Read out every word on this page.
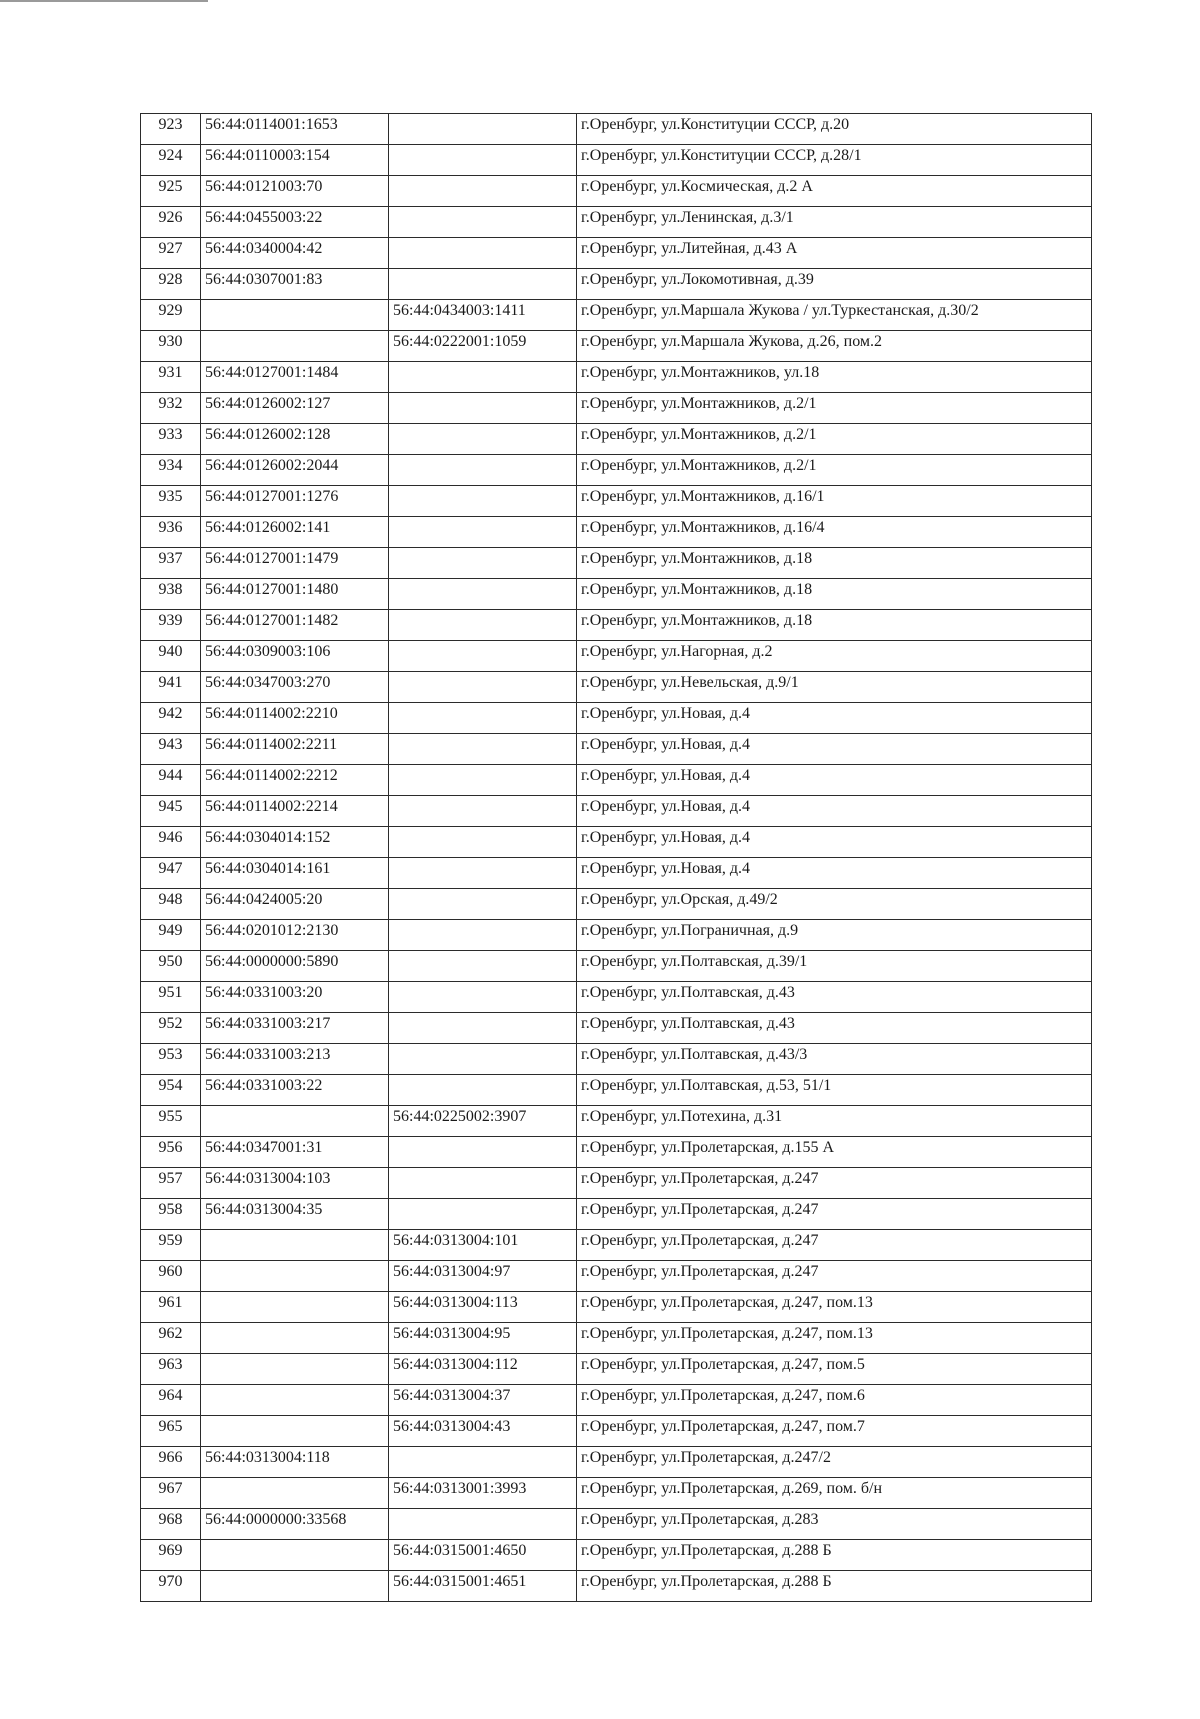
923	56:44:0114001:1653		г.Оренбург, ул.Конституции СССР, д.20
924	56:44:0110003:154		г.Оренбург, ул.Конституции СССР, д.28/1
925	56:44:0121003:70		г.Оренбург, ул.Космическая, д.2 А
926	56:44:0455003:22		г.Оренбург, ул.Ленинская, д.3/1
927	56:44:0340004:42		г.Оренбург, ул.Литейная, д.43 А
928	56:44:0307001:83		г.Оренбург, ул.Локомотивная, д.39
929		56:44:0434003:1411	г.Оренбург, ул.Маршала Жукова / ул.Туркестанская, д.30/2
930		56:44:0222001:1059	г.Оренбург, ул.Маршала Жукова, д.26, пом.2
931	56:44:0127001:1484		г.Оренбург, ул.Монтажников, ул.18
932	56:44:0126002:127		г.Оренбург, ул.Монтажников, д.2/1
933	56:44:0126002:128		г.Оренбург, ул.Монтажников, д.2/1
934	56:44:0126002:2044		г.Оренбург, ул.Монтажников, д.2/1
935	56:44:0127001:1276		г.Оренбург, ул.Монтажников, д.16/1
936	56:44:0126002:141		г.Оренбург, ул.Монтажников, д.16/4
937	56:44:0127001:1479		г.Оренбург, ул.Монтажников, д.18
938	56:44:0127001:1480		г.Оренбург, ул.Монтажников, д.18
939	56:44:0127001:1482		г.Оренбург, ул.Монтажников, д.18
940	56:44:0309003:106		г.Оренбург, ул.Нагорная, д.2
941	56:44:0347003:270		г.Оренбург, ул.Невельская, д.9/1
942	56:44:0114002:2210		г.Оренбург, ул.Новая, д.4
943	56:44:0114002:2211		г.Оренбург, ул.Новая, д.4
944	56:44:0114002:2212		г.Оренбург, ул.Новая, д.4
945	56:44:0114002:2214		г.Оренбург, ул.Новая, д.4
946	56:44:0304014:152		г.Оренбург, ул.Новая, д.4
947	56:44:0304014:161		г.Оренбург, ул.Новая, д.4
948	56:44:0424005:20		г.Оренбург, ул.Орская, д.49/2
949	56:44:0201012:2130		г.Оренбург, ул.Пограничная, д.9
950	56:44:0000000:5890		г.Оренбург, ул.Полтавская, д.39/1
951	56:44:0331003:20		г.Оренбург, ул.Полтавская, д.43
952	56:44:0331003:217		г.Оренбург, ул.Полтавская, д.43
953	56:44:0331003:213		г.Оренбург, ул.Полтавская, д.43/3
954	56:44:0331003:22		г.Оренбург, ул.Полтавская, д.53, 51/1
955		56:44:0225002:3907	г.Оренбург, ул.Потехина, д.31
956	56:44:0347001:31		г.Оренбург, ул.Пролетарская, д.155 А
957	56:44:0313004:103		г.Оренбург, ул.Пролетарская, д.247
958	56:44:0313004:35		г.Оренбург, ул.Пролетарская, д.247
959		56:44:0313004:101	г.Оренбург, ул.Пролетарская, д.247
960		56:44:0313004:97	г.Оренбург, ул.Пролетарская, д.247
961		56:44:0313004:113	г.Оренбург, ул.Пролетарская, д.247, пом.13
962		56:44:0313004:95	г.Оренбург, ул.Пролетарская, д.247, пом.13
963		56:44:0313004:112	г.Оренбург, ул.Пролетарская, д.247, пом.5
964		56:44:0313004:37	г.Оренбург, ул.Пролетарская, д.247, пом.6
965		56:44:0313004:43	г.Оренбург, ул.Пролетарская, д.247, пом.7
966	56:44:0313004:118		г.Оренбург, ул.Пролетарская, д.247/2
967		56:44:0313001:3993	г.Оренбург, ул.Пролетарская, д.269, пом. б/н
968	56:44:0000000:33568		г.Оренбург, ул.Пролетарская, д.283
969		56:44:0315001:4650	г.Оренбург, ул.Пролетарская, д.288 Б
970		56:44:0315001:4651	г.Оренбург, ул.Пролетарская, д.288 Б
